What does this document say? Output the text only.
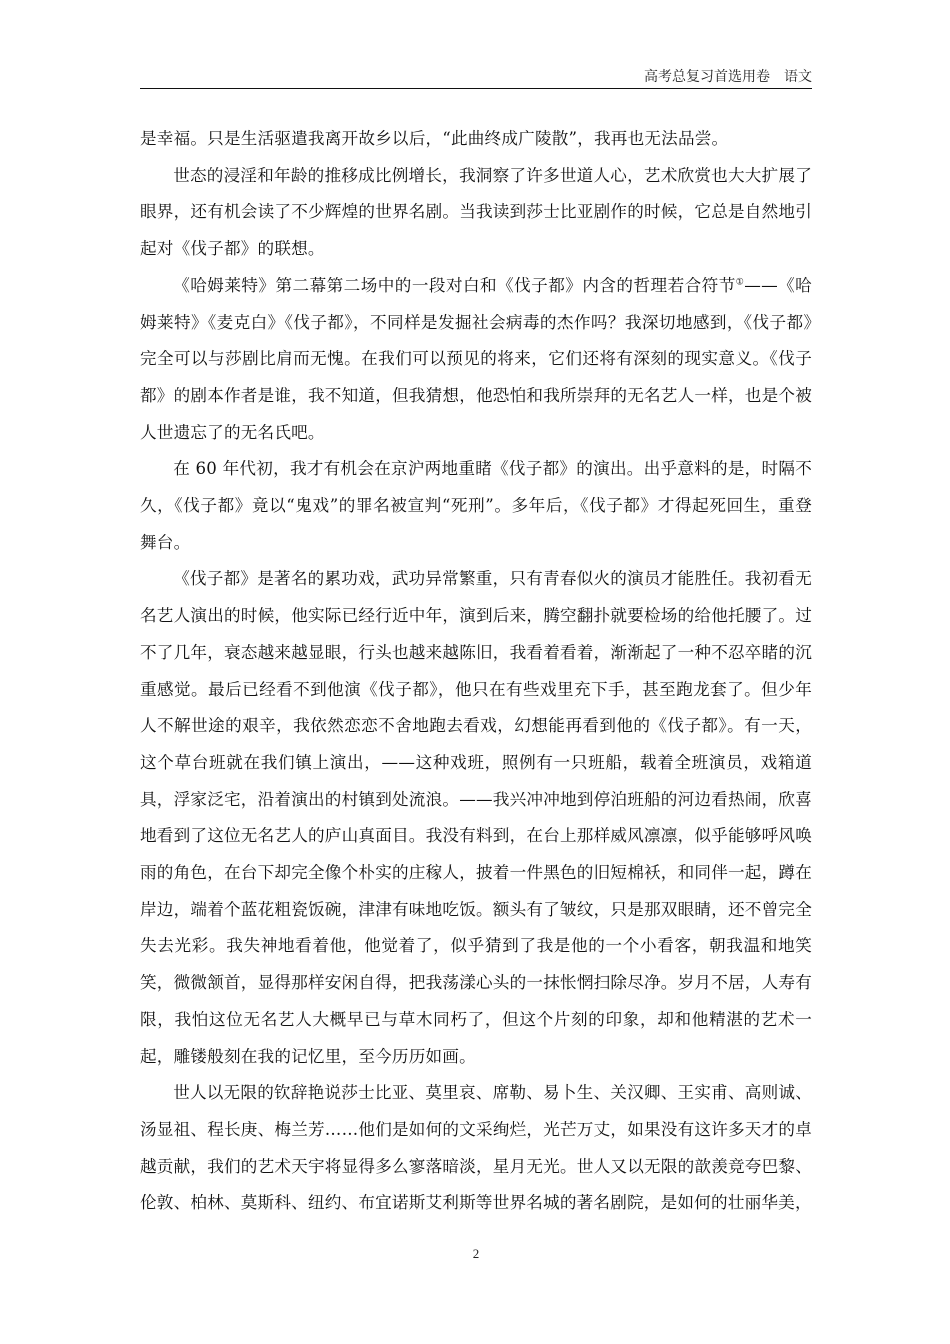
高考总复习首选用卷　语文

是幸福。只是生活驱遣我离开故乡以后，“此曲终成广陵散”，我再也无法品尝。

世态的浸淫和年龄的推移成比例增长，我洞察了许多世道人心，艺术欣赏也大大扩展了眼界，还有机会读了不少辉煌的世界名剧。当我读到莎士比亚剧作的时候，它总是自然地引起对《伐子都》的联想。

《哈姆莱特》第二幕第二场中的一段对白和《伐子都》内含的哲理若合符节①——《哈姆莱特》《麦克白》《伐子都》，不同样是发掘社会病毒的杰作吗？我深切地感到，《伐子都》完全可以与莎剧比肩而无愧。在我们可以预见的将来，它们还将有深刻的现实意义。《伐子都》的剧本作者是谁，我不知道，但我猜想，他恐怕和我所崇拜的无名艺人一样，也是个被人世遗忘了的无名氏吧。

在 60 年代初，我才有机会在京沪两地重睹《伐子都》的演出。出乎意料的是，时隔不久，《伐子都》竟以“鬼戏”的罪名被宣判“死刑”。多年后，《伐子都》才得起死回生，重登舞台。

《伐子都》是著名的累功戏，武功异常繁重，只有青春似火的演员才能胜任。我初看无名艺人演出的时候，他实际已经行近中年，演到后来，腾空翻扑就要检场的给他托腰了。过不了几年，衰态越来越显眼，行头也越来越陈旧，我看着看着，渐渐起了一种不忍卒睹的沉重感觉。最后已经看不到他演《伐子都》，他只在有些戏里充下手，甚至跑龙套了。但少年人不解世途的艰辛，我依然恋恋不舍地跑去看戏，幻想能再看到他的《伐子都》。有一天，这个草台班就在我们镇上演出，——这种戏班，照例有一只班船，载着全班演员，戏箱道具，浮家泛宅，沿着演出的村镇到处流浪。——我兴冲冲地到停泊班船的河边看热闹，欣喜地看到了这位无名艺人的庐山真面目。我没有料到，在台上那样威风凛凛，似乎能够呼风唤雨的角色，在台下却完全像个朴实的庄稼人，披着一件黑色的旧短棉袄，和同伴一起，蹲在岸边，端着个蓝花粗瓷饭碗，津津有味地吃饭。额头有了皱纹，只是那双眼睛，还不曾完全失去光彩。我失神地看着他，他觉着了，似乎猜到了我是他的一个小看客，朝我温和地笑笑，微微颔首，显得那样安闲自得，把我荡漾心头的一抹怅惘扫除尽净。岁月不居，人寿有限，我怕这位无名艺人大概早已与草木同朽了，但这个片刻的印象，却和他精湛的艺术一起，雕镂般刻在我的记忆里，至今历历如画。

世人以无限的钦辞艳说莎士比亚、莫里哀、席勒、易卜生、关汉卿、王实甫、高则诚、汤显祖、程长庚、梅兰芳……他们是如何的文采绚烂，光芒万丈，如果没有这许多天才的卓越贡献，我们的艺术天宇将显得多么寥落暗淡，星月无光。世人又以无限的歆羡竞夸巴黎、伦敦、柏林、莫斯科、纽约、布宜诺斯艾利斯等世界名城的著名剧院，是如何的壮丽华美，

2
